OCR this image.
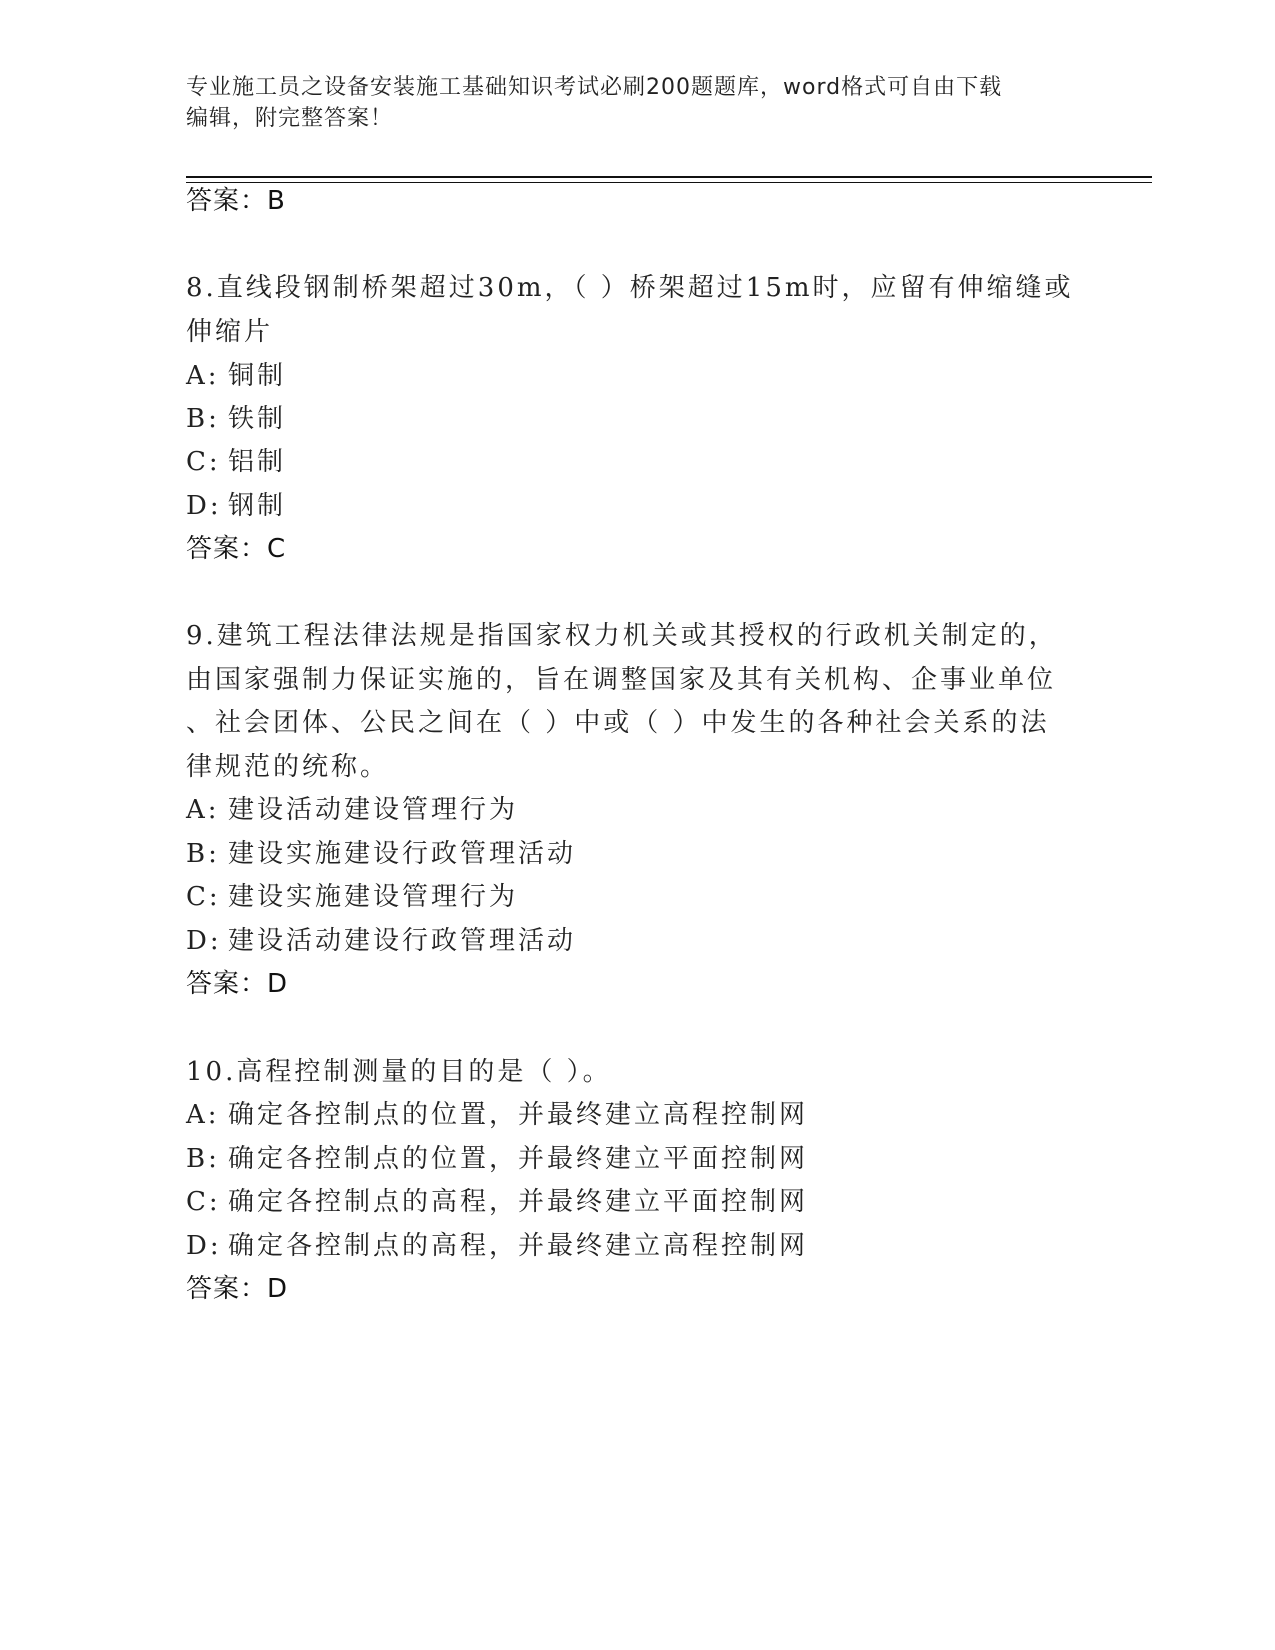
专业施工员之设备安装施工基础知识考试必刷200题题库，word格式可自由下载
编辑，附完整答案！
答案：B
8.直线段钢制桥架超过30m，（ ）桥架超过15m时，应留有伸缩缝或
伸缩片
A: 铜制
B: 铁制
C: 铝制
D: 钢制
答案：C
9.建筑工程法律法规是指国家权力机关或其授权的行政机关制定的，
由国家强制力保证实施的，旨在调整国家及其有关机构、企事业单位
、社会团体、公民之间在（ ）中或（ ）中发生的各种社会关系的法
律规范的统称。
A: 建设活动建设管理行为
B: 建设实施建设行政管理活动
C: 建设实施建设管理行为
D: 建设活动建设行政管理活动
答案：D
10.高程控制测量的目的是（ ）。
A: 确定各控制点的位置，并最终建立高程控制网
B: 确定各控制点的位置，并最终建立平面控制网
C: 确定各控制点的高程，并最终建立平面控制网
D: 确定各控制点的高程，并最终建立高程控制网
答案：D
